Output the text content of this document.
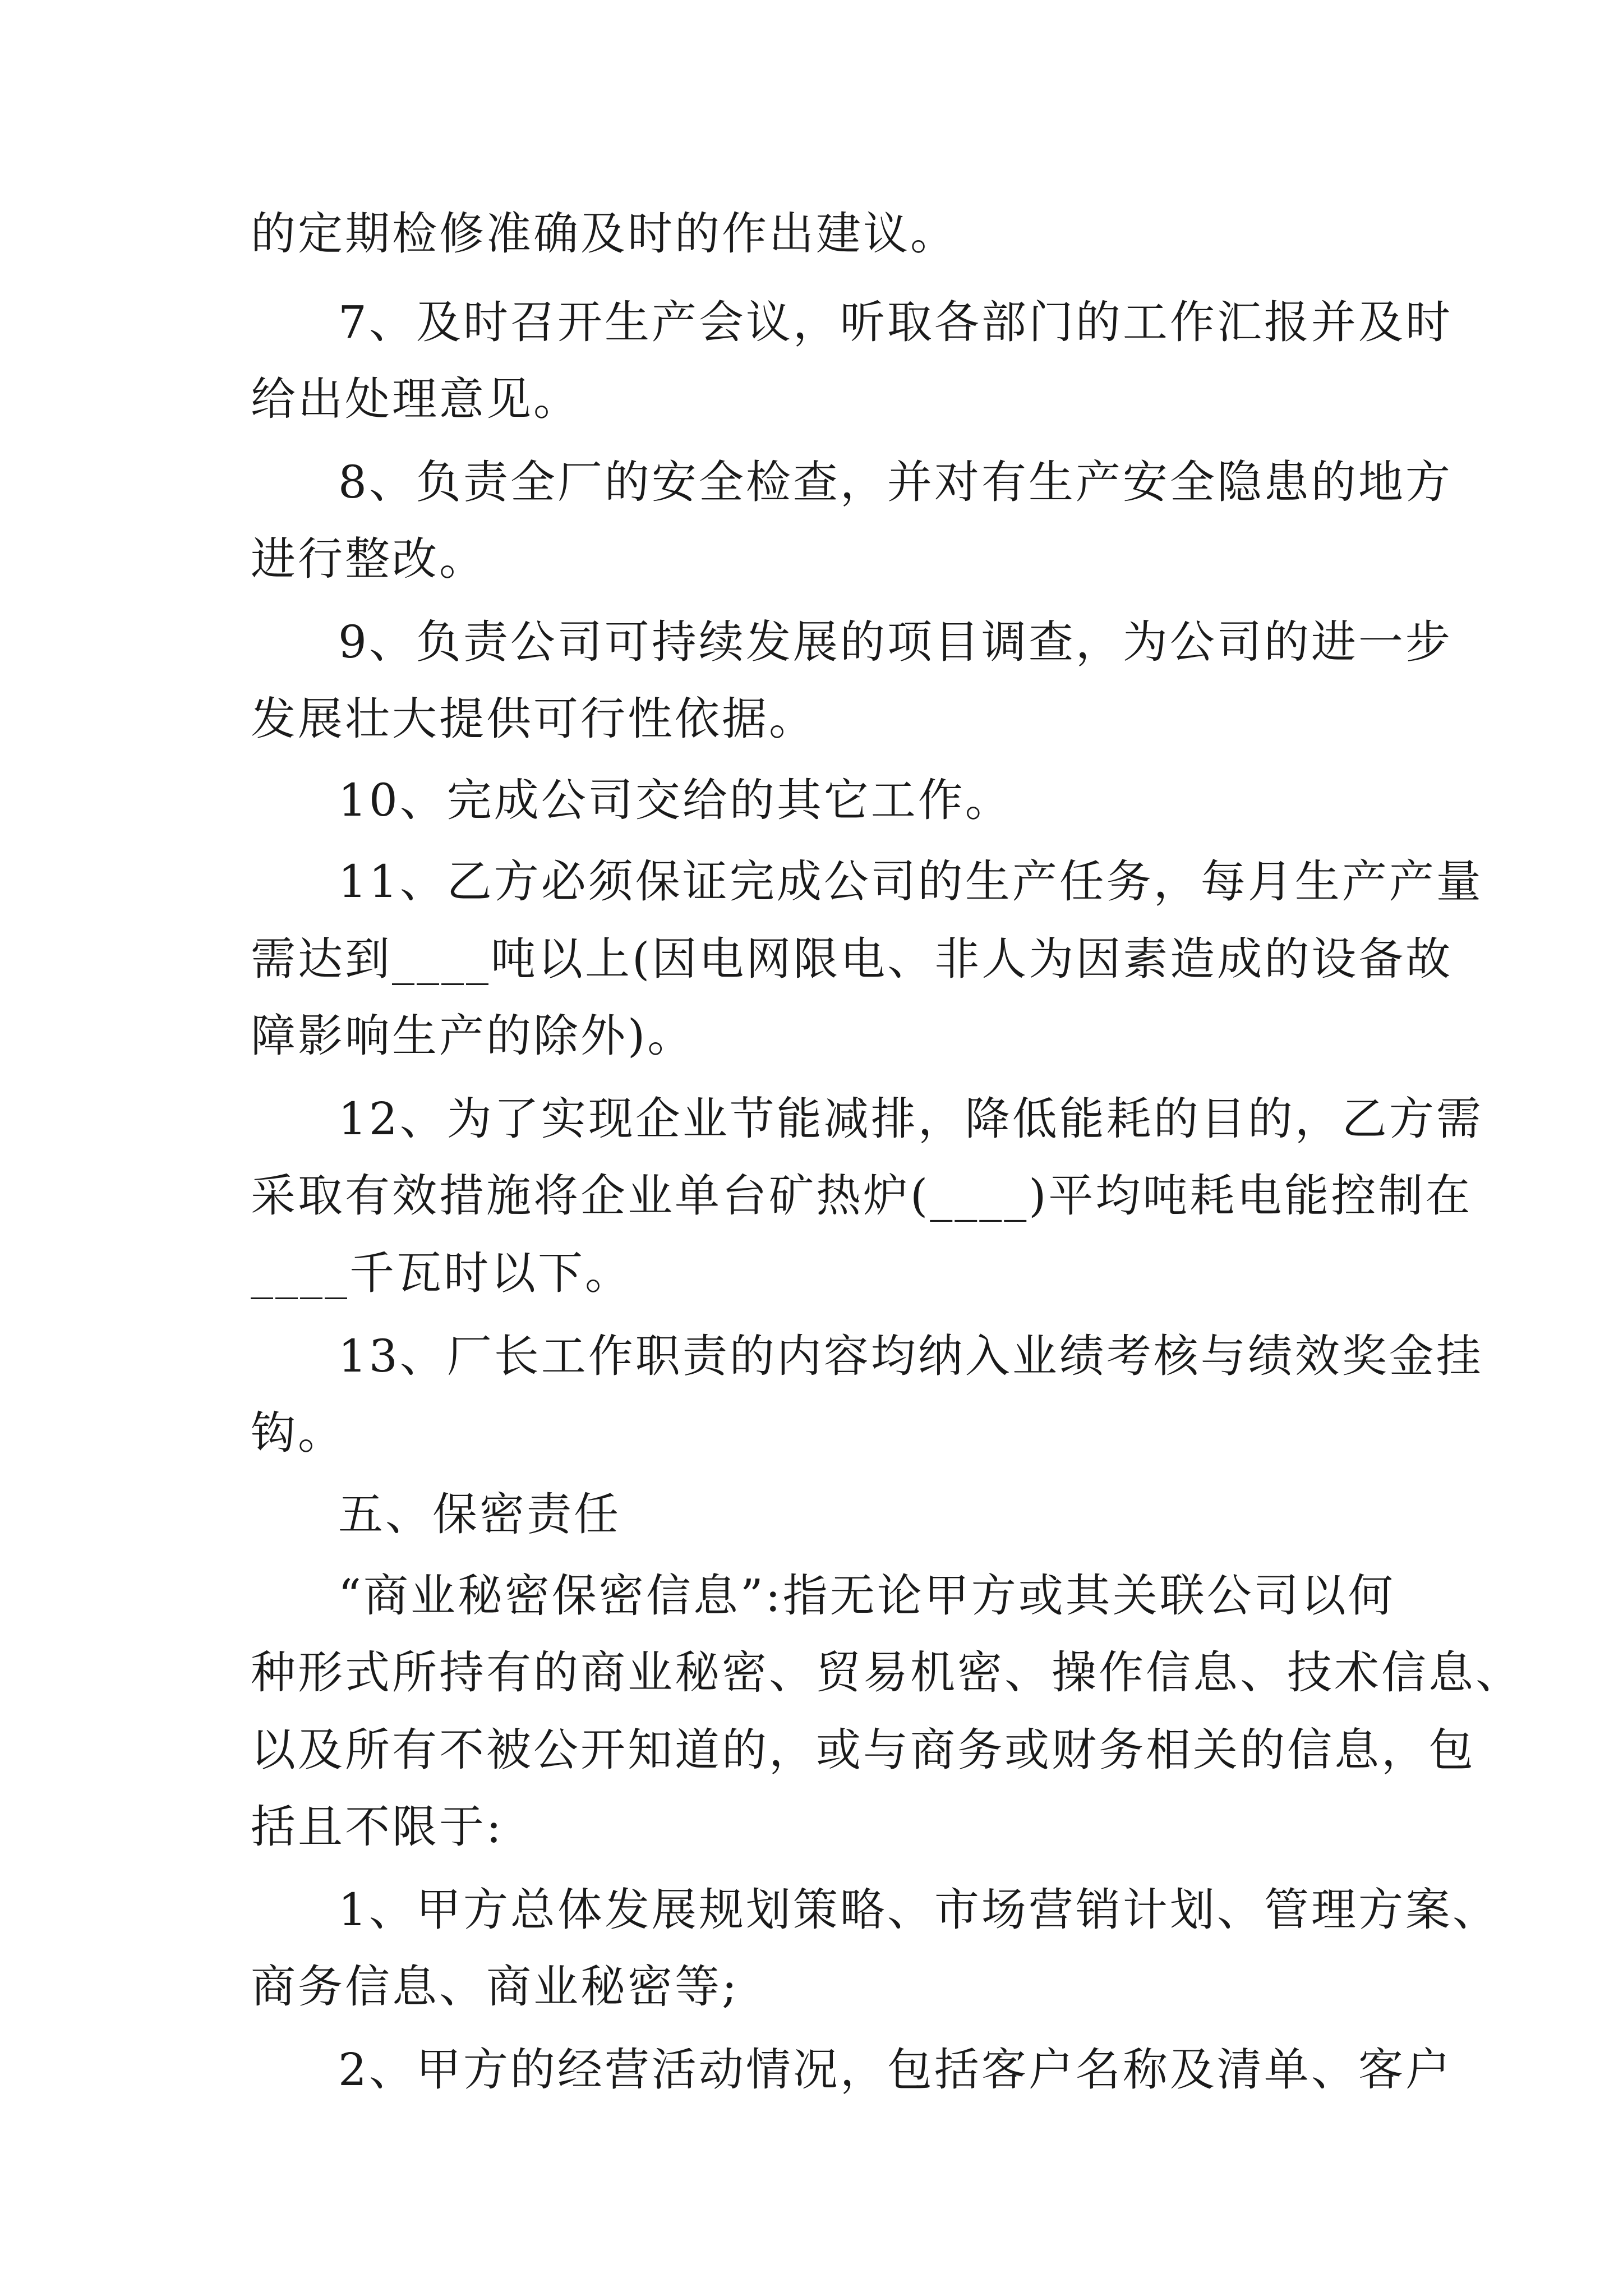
的定期检修准确及时的作出建议。
7、及时召开生产会议，听取各部门的工作汇报并及时
给出处理意见。
8、负责全厂的安全检查，并对有生产安全隐患的地方
进行整改。
9、负责公司可持续发展的项目调查，为公司的进一步
发展壮大提供可行性依据。
10、完成公司交给的其它工作。
11、乙方必须保证完成公司的生产任务，每月生产产量
需达到____吨以上(因电网限电、非人为因素造成的设备故
障影响生产的除外)。
12、为了实现企业节能减排，降低能耗的目的，乙方需
采取有效措施将企业单台矿热炉(____)平均吨耗电能控制在
____千瓦时以下。
13、厂长工作职责的内容均纳入业绩考核与绩效奖金挂
钩。
五、保密责任
“商业秘密保密信息”:指无论甲方或其关联公司以何
种形式所持有的商业秘密、贸易机密、操作信息、技术信息、
以及所有不被公开知道的，或与商务或财务相关的信息，包
括且不限于:
1、甲方总体发展规划策略、市场营销计划、管理方案、
商务信息、商业秘密等;
2、甲方的经营活动情况，包括客户名称及清单、客户
